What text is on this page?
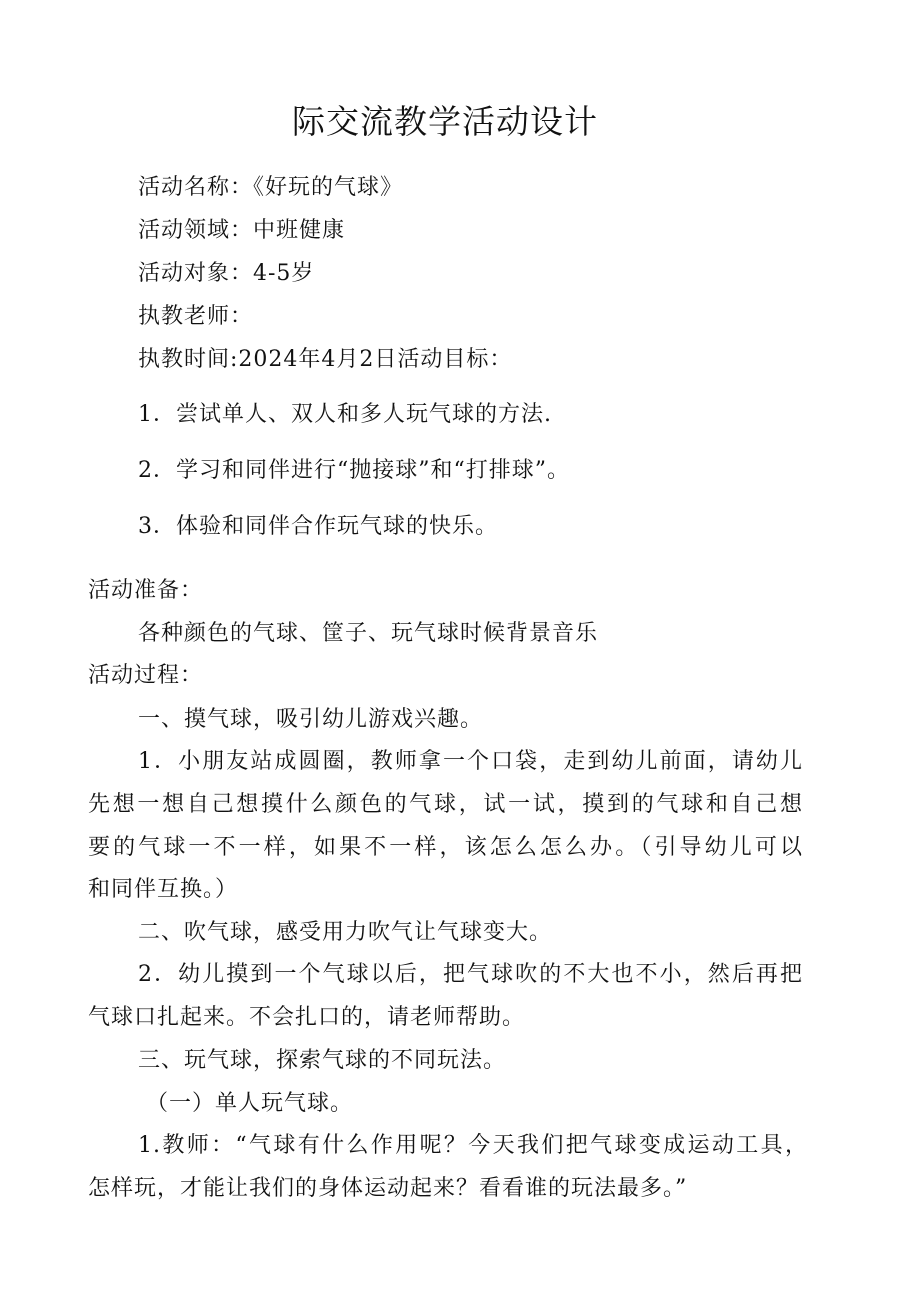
际交流教学活动设计
活动名称：《好玩的气球》
活动领域：中班健康
活动对象：4-5岁
执教老师：
执教时间:2024年4月2日活动目标：
1．尝试单人、双人和多人玩气球的方法.
2．学习和同伴进行“抛接球”和“打排球”。
3．体验和同伴合作玩气球的快乐。
活动准备：
各种颜色的气球、筐子、玩气球时候背景音乐
活动过程：
一、摸气球，吸引幼儿游戏兴趣。
1．小朋友站成圆圈，教师拿一个口袋，走到幼儿前面，请幼儿
先想一想自己想摸什么颜色的气球，试一试，摸到的气球和自己想
要的气球一不一样，如果不一样，该怎么怎么办。（引导幼儿可以
和同伴互换。）
二、吹气球，感受用力吹气让气球变大。
2．幼儿摸到一个气球以后，把气球吹的不大也不小，然后再把
气球口扎起来。不会扎口的，请老师帮助。
三、玩气球，探索气球的不同玩法。
（一）单人玩气球。
1.教师：“气球有什么作用呢？今天我们把气球变成运动工具，
怎样玩，才能让我们的身体运动起来？看看谁的玩法最多。”
